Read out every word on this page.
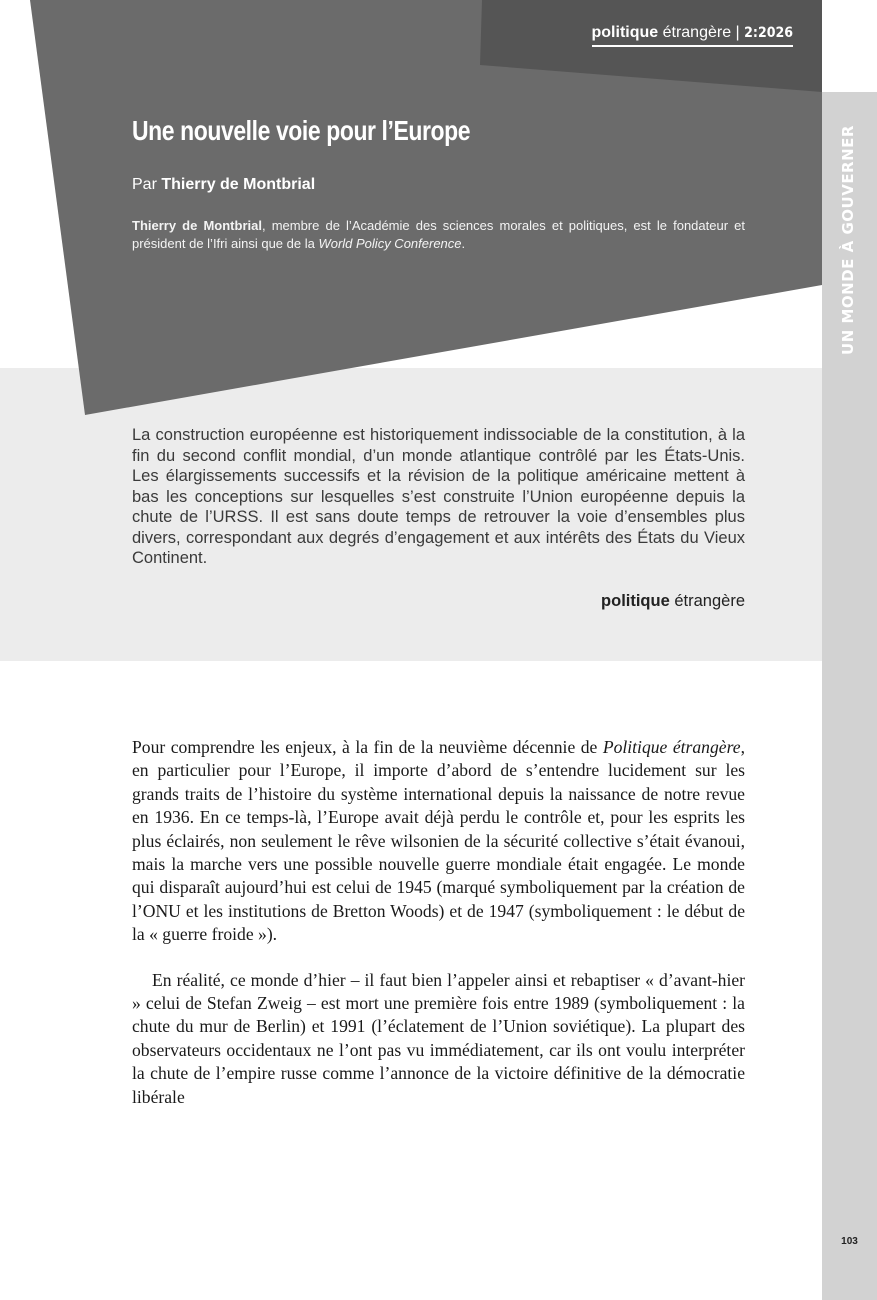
UN MONDE À GOUVERNER
103
politique étrangère | 2:2026
Une nouvelle voie pour l’Europe
Par Thierry de Montbrial
Thierry de Montbrial, membre de l’Académie des sciences morales et politiques, est le fondateur et président de l’Ifri ainsi que de la World Policy Conference.
La construction européenne est historiquement indissociable de la constitution, à la fin du second conflit mondial, d’un monde atlantique contrôlé par les États-Unis. Les élargissements successifs et la révision de la politique américaine mettent à bas les conceptions sur lesquelles s’est construite l’Union européenne depuis la chute de l’URSS. Il est sans doute temps de retrouver la voie d’ensembles plus divers, correspondant aux degrés d’engagement et aux intérêts des États du Vieux Continent.
politique étrangère

Pour comprendre les enjeux, à la fin de la neuvième décennie de Politique étrangère, en particulier pour l’Europe, il importe d’abord de s’entendre lucidement sur les grands traits de l’histoire du système international depuis la naissance de notre revue en 1936. En ce temps-là, l’Europe avait déjà perdu le contrôle et, pour les esprits les plus éclairés, non seulement le rêve wilsonien de la sécurité collective s’était évanoui, mais la marche vers une possible nouvelle guerre mondiale était engagée. Le monde qui disparaît aujourd’hui est celui de 1945 (marqué symboliquement par la création de l’ONU et les institutions de Bretton Woods) et de 1947 (symboliquement : le début de la « guerre froide »).

En réalité, ce monde d’hier – il faut bien l’appeler ainsi et rebaptiser « d’avant-hier » celui de Stefan Zweig – est mort une première fois entre 1989 (symboliquement : la chute du mur de Berlin) et 1991 (l’éclatement de l’Union soviétique). La plupart des observateurs occidentaux ne l’ont pas vu immédiatement, car ils ont voulu interpréter la chute de l’empire russe comme l’annonce de la victoire définitive de la démocratie libérale
